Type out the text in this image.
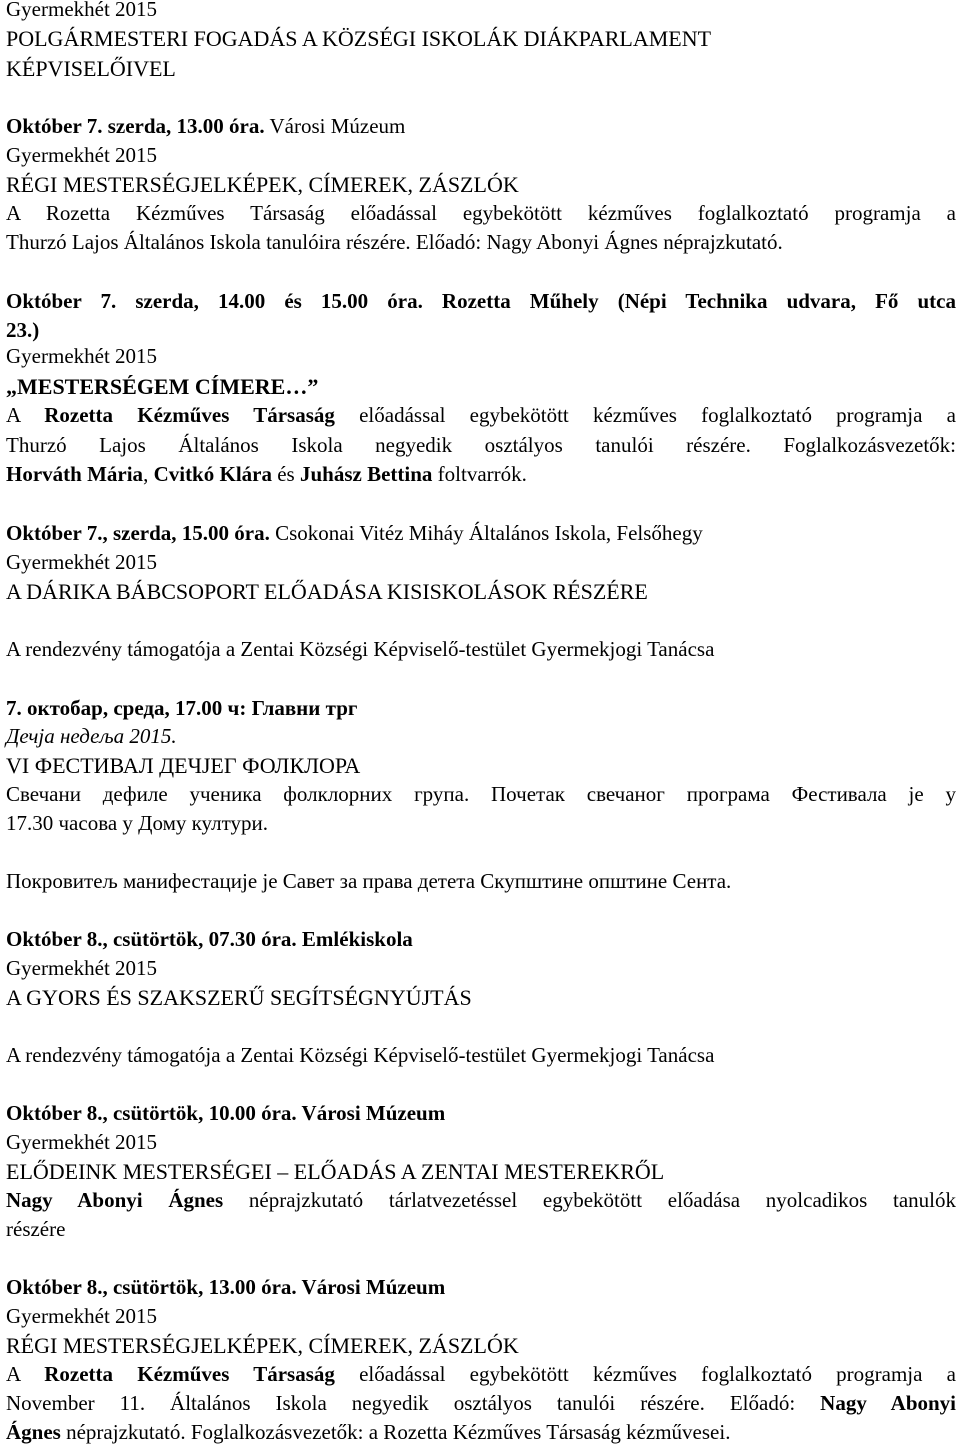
Gyermekhét 2015
POLGÁRMESTERI FOGADÁS A KÖZSÉGI ISKOLÁK DIÁKPARLAMENT
KÉPVISELŐIVEL
Október 7. szerda, 13.00 óra. Városi Múzeum
Gyermekhét 2015
RÉGI MESTERSÉGJELKÉPEK, CÍMEREK, ZÁSZLÓK
A Rozetta Kézműves Társaság előadással egybekötött kézműves foglalkoztató programja a
Thurzó Lajos Általános Iskola tanulóira részére. Előadó: Nagy Abonyi Ágnes néprajzkutató.
Október 7. szerda, 14.00 és 15.00 óra. Rozetta Műhely (Népi Technika udvara, Fő utca
23.)
Gyermekhét 2015
„MESTERSÉGEM CÍMERE…”
A Rozetta Kézműves Társaság előadással egybekötött kézműves foglalkoztató programja a
Thurzó Lajos Általános Iskola negyedik osztályos tanulói részére. Foglalkozásvezetők:
Horváth Mária, Cvitkó Klára és Juhász Bettina foltvarrók.
Október 7., szerda, 15.00 óra. Csokonai Vitéz Miháy Általános Iskola, Felsőhegy
Gyermekhét 2015
A DÁRIKA BÁBCSOPORT ELŐADÁSA KISISKOLÁSOK RÉSZÉRE
A rendezvény támogatója a Zentai Községi Képviselő-testület Gyermekjogi Tanácsa
7. октобар, среда, 17.00 ч: Главни трг
Дечја недеља 2015.
VI ФЕСТИВАЛ ДЕЧЈЕГ ФОЛКЛОРА
Свечани дефиле ученика фолклорних група. Почетак свечаног програма Фестивала је у
17.30 часова у Дому култури.
Покровитељ манифестације је Савет за права детета Скупштине општине Сента.
Október 8., csütörtök, 07.30 óra. Emlékiskola
Gyermekhét 2015
A GYORS ÉS SZAKSZERŰ SEGÍTSÉGNYÚJTÁS
A rendezvény támogatója a Zentai Községi Képviselő-testület Gyermekjogi Tanácsa
Október 8., csütörtök, 10.00 óra. Városi Múzeum
Gyermekhét 2015
ELŐDEINK MESTERSÉGEI – ELŐADÁS A ZENTAI MESTEREKRŐL
Nagy Abonyi Ágnes néprajzkutató tárlatvezetéssel egybekötött előadása nyolcadikos tanulók
részére
Október 8., csütörtök, 13.00 óra. Városi Múzeum
Gyermekhét 2015
RÉGI MESTERSÉGJELKÉPEK, CÍMEREK, ZÁSZLÓK
A Rozetta Kézműves Társaság előadással egybekötött kézműves foglalkoztató programja a
November 11. Általános Iskola negyedik osztályos tanulói részére. Előadó: Nagy Abonyi
Ágnes néprajzkutató. Foglalkozásvezetők: a Rozetta Kézműves Társaság kézművesei.
